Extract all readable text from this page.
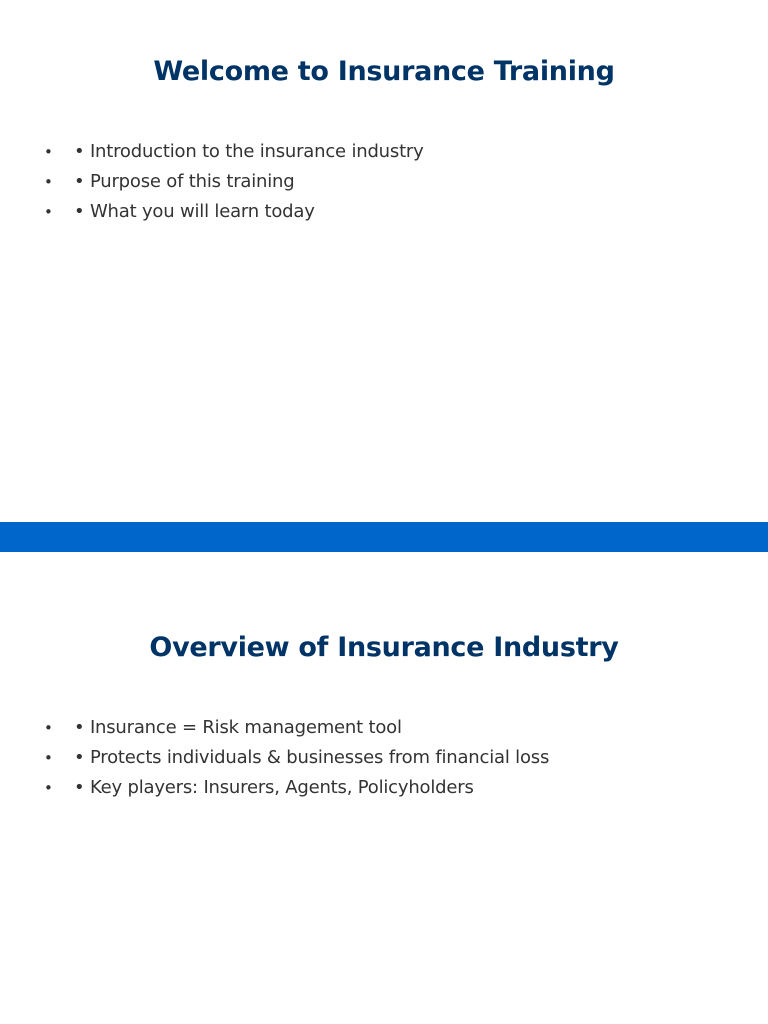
Welcome to Insurance Training
• • Introduction to the insurance industry
• • Purpose of this training
• • What you will learn today
Overview of Insurance Industry
• • Insurance = Risk management tool
• • Protects individuals & businesses from financial loss
• • Key players: Insurers, Agents, Policyholders
